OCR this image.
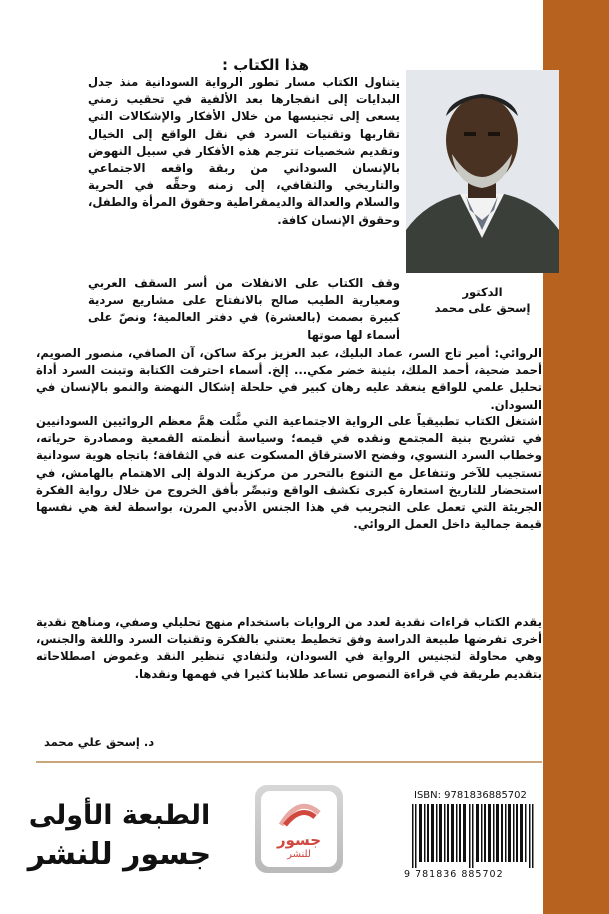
هذا الكتاب :
الدكتور
إسحق على محمد
يتناول الكتاب مسار تطور الرواية السودانية منذ جدل البدايات إلى انفجارها بعد الألفية في تحقيب زمني يسعى إلى تجنيسها من خلال الأفكار والإشكالات التي تقاربها وتقنيات السرد في نقل الواقع إلى الخيال وتقديم شخصيات تترجم هذه الأفكار في سبيل النهوض بالإنسان السوداني من ربقة واقعه الاجتماعي والتاريخي والثقافي، إلى زمنه وحقِّه في الحرية والسلام والعدالة والديمقراطية وحقوق المرأة والطفل، وحقوق الإنسان كافة.
وقف الكتاب على الانفلات من أسر السقف العربي ومعيارية الطيب صالح بالانفتاح على مشاريع سردية كبيرة بصمت (بالعشرة) في دفتر العالمية؛ ونصّ على أسماء لها صوتها
الروائي: أمير تاج السر، عماد البليك، عبد العزيز بركة ساكن، آن الصافي، منصور الصويم، أحمد ضحية، أحمد الملك، بثينة خضر مكي... إلخ. أسماء احترفت الكتابة وتبنت السرد أداة تحليل علمي للواقع ينعقد عليه رهان كبير في حلحلة إشكال النهضة والنمو بالإنسان في السودان.
اشتغل الكتاب تطبيقياً على الرواية الاجتماعية التي مثَّلت همَّ معظم الروائيين السودانيين في تشريح بنية المجتمع ونقده في قيمه؛ وسياسة أنظمته القمعية ومصادرة حرياته، وخطاب السرد النسوي، وفضح الاسترقاق المسكوت عنه في الثقافة؛ باتجاه هوية سودانية تستجيب للآخر وتتفاعل مع التنوع بالتحرر من مركزية الدولة إلى الاهتمام بالهامش، في استحضار للتاريخ استعارة كبرى تكشف الواقع وتبصِّر بأفق الخروج من خلال رواية الفكرة الجريئة التي تعمل على التجريب في هذا الجنس الأدبي المرن، بواسطة لغة هي نفسها قيمة جمالية داخل العمل الروائي.
يقدم الكتاب قراءات نقدية لعدد من الروايات باستخدام منهج تحليلي وصفي، ومناهج نقدية أخرى تفرضها طبيعة الدراسة وفق تخطيط يعتني بالفكرة وتقنيات السرد واللغة والجنس، وهي محاولة لتجنيس الرواية في السودان، ولتفادي تنظير النقد وغموض اصطلاحاته بتقديم طريقة في قراءة النصوص تساعد طلابنا كثيرا في فهمها ونقدها.
د. إسحق علي محمد
الطبعة الأولى
جسور للنشر	جسور
للنشر
ISBN: 9781836885702
9 781836 885702
